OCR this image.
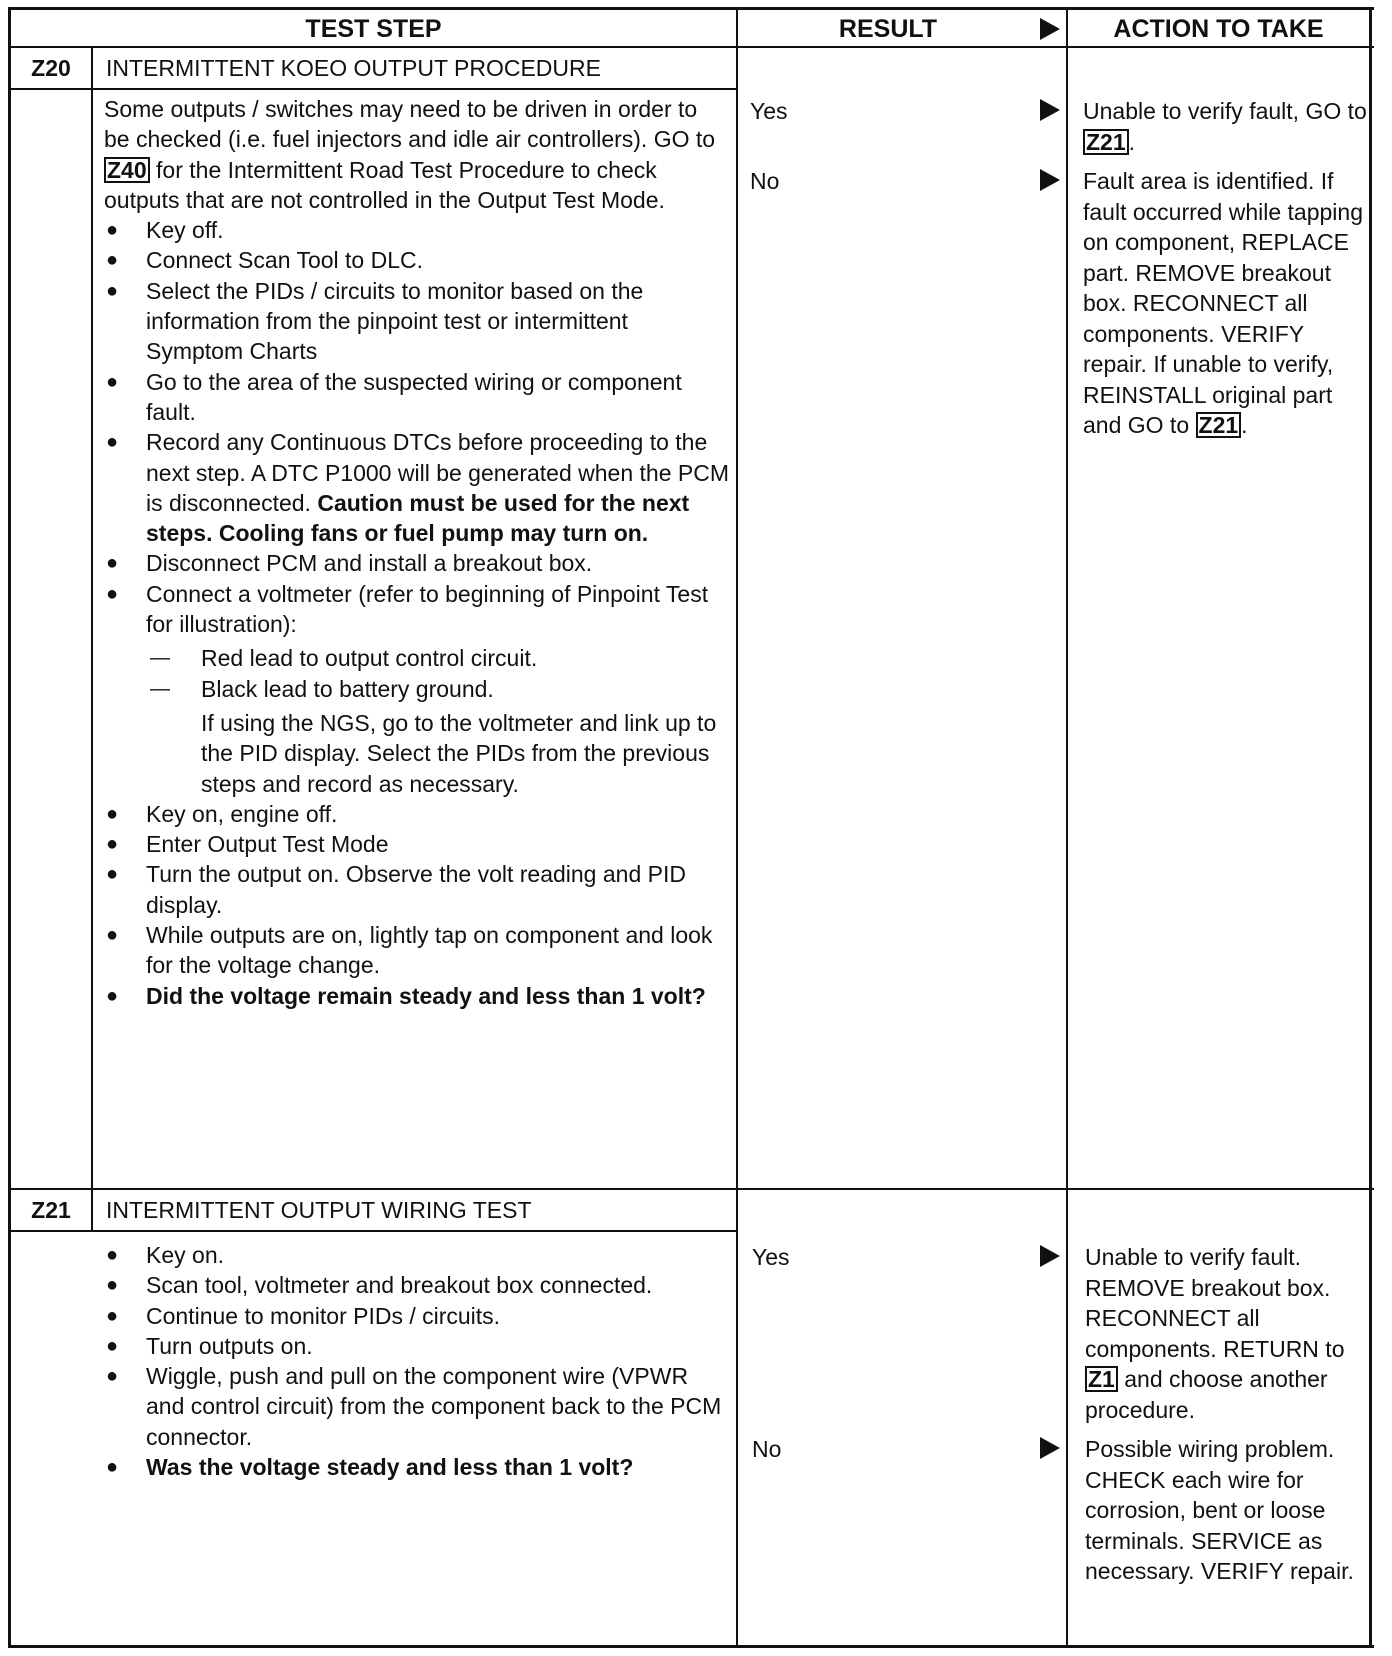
TEST STEP	RESULT	ACTION TO TAKE
Z20	INTERMITTENT KOEO OUTPUT PROCEDURE
Some outputs / switches may need to be driven in order to be checked (i.e. fuel injectors and idle air controllers). GO to Z40 for the Intermittent Road Test Procedure to check outputs that are not controlled in the Output Test Mode.
● Key off.
● Connect Scan Tool to DLC.
● Select the PIDs / circuits to monitor based on the information from the pinpoint test or intermittent Symptom Charts
● Go to the area of the suspected wiring or component fault.
● Record any Continuous DTCs before proceeding to the next step. A DTC P1000 will be generated when the PCM is disconnected. Caution must be used for the next steps. Cooling fans or fuel pump may turn on.
● Disconnect PCM and install a breakout box.
● Connect a voltmeter (refer to beginning of Pinpoint Test for illustration):
— Red lead to output control circuit.
— Black lead to battery ground.
If using the NGS, go to the voltmeter and link up to the PID display. Select the PIDs from the previous steps and record as necessary.
● Key on, engine off.
● Enter Output Test Mode
● Turn the output on. Observe the volt reading and PID display.
● While outputs are on, lightly tap on component and look for the voltage change.
● Did the voltage remain steady and less than 1 volt?
Yes	Unable to verify fault, GO to Z21 .
No	Fault area is identified. If fault occurred while tapping on component, REPLACE part. REMOVE breakout box. RECONNECT all components. VERIFY repair. If unable to verify, REINSTALL original part and GO to Z21 .
Z21	INTERMITTENT OUTPUT WIRING TEST
● Key on.
● Scan tool, voltmeter and breakout box connected.
● Continue to monitor PIDs / circuits.
● Turn outputs on.
● Wiggle, push and pull on the component wire (VPWR and control circuit) from the component back to the PCM connector.
● Was the voltage steady and less than 1 volt?
Yes	Unable to verify fault. REMOVE breakout box. RECONNECT all components. RETURN to Z1 and choose another procedure.
No	Possible wiring problem. CHECK each wire for corrosion, bent or loose terminals. SERVICE as necessary. VERIFY repair.
